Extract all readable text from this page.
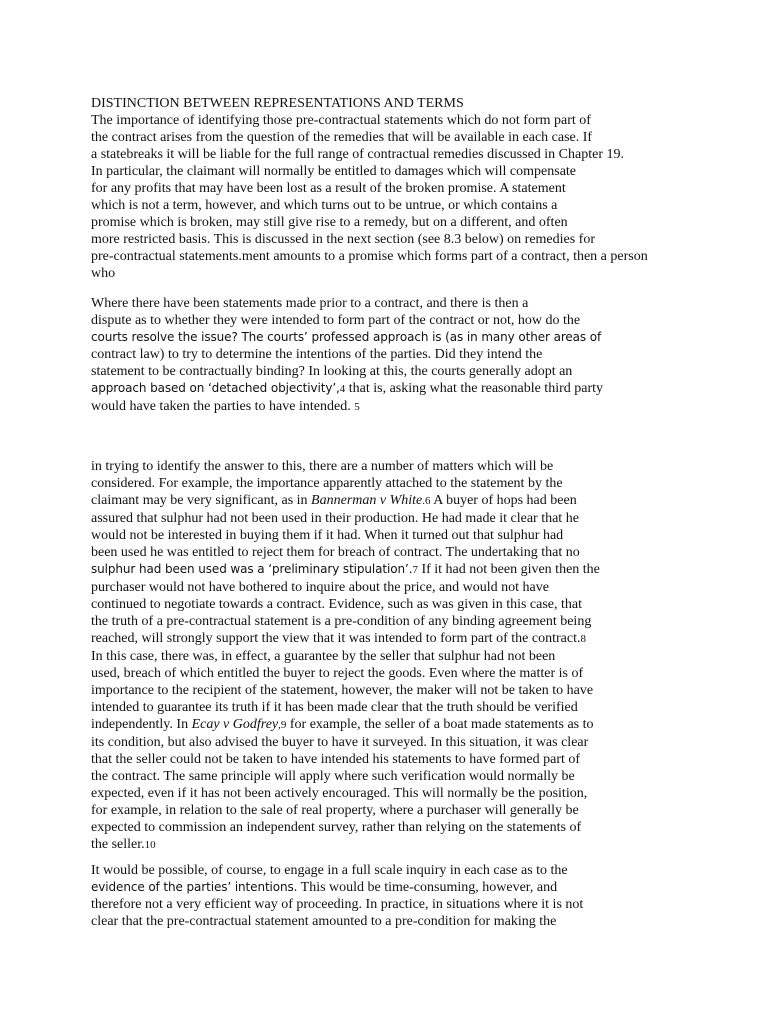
DISTINCTION BETWEEN REPRESENTATIONS AND TERMS
The importance of identifying those pre-contractual statements which do not form part of
the contract arises from the question of the remedies that will be available in each case. If
a statebreaks it will be liable for the full range of contractual remedies discussed in Chapter 19.
In particular, the claimant will normally be entitled to damages which will compensate
for any profits that may have been lost as a result of the broken promise. A statement
which is not a term, however, and which turns out to be untrue, or which contains a
promise which is broken, may still give rise to a remedy, but on a different, and often
more restricted basis. This is discussed in the next section (see 8.3 below) on remedies for
pre-contractual statements.ment amounts to a promise which forms part of a contract, then a person
who
Where there have been statements made prior to a contract, and there is then a
dispute as to whether they were intended to form part of the contract or not, how do the
courts resolve the issue? The courts’ professed approach is (as in many other areas of
contract law) to try to determine the intentions of the parties. Did they intend the
statement to be contractually binding? In looking at this, the courts generally adopt an
approach based on ‘detached objectivity’,4 that is, asking what the reasonable third party
would have taken the parties to have intended. 5
in trying to identify the answer to this, there are a number of matters which will be
considered. For example, the importance apparently attached to the statement by the
claimant may be very significant, as in Bannerman v White.6 A buyer of hops had been
assured that sulphur had not been used in their production. He had made it clear that he
would not be interested in buying them if it had. When it turned out that sulphur had
been used he was entitled to reject them for breach of contract. The undertaking that no
sulphur had been used was a ‘preliminary stipulation’.7 If it had not been given then the
purchaser would not have bothered to inquire about the price, and would not have
continued to negotiate towards a contract. Evidence, such as was given in this case, that
the truth of a pre-contractual statement is a pre-condition of any binding agreement being
reached, will strongly support the view that it was intended to form part of the contract.8
In this case, there was, in effect, a guarantee by the seller that sulphur had not been
used, breach of which entitled the buyer to reject the goods. Even where the matter is of
importance to the recipient of the statement, however, the maker will not be taken to have
intended to guarantee its truth if it has been made clear that the truth should be verified
independently. In Ecay v Godfrey,9 for example, the seller of a boat made statements as to
its condition, but also advised the buyer to have it surveyed. In this situation, it was clear
that the seller could not be taken to have intended his statements to have formed part of
the contract. The same principle will apply where such verification would normally be
expected, even if it has not been actively encouraged. This will normally be the position,
for example, in relation to the sale of real property, where a purchaser will generally be
expected to commission an independent survey, rather than relying on the statements of
the seller.10
It would be possible, of course, to engage in a full scale inquiry in each case as to the
evidence of the parties’ intentions. This would be time-consuming, however, and
therefore not a very efficient way of proceeding. In practice, in situations where it is not
clear that the pre-contractual statement amounted to a pre-condition for making the
